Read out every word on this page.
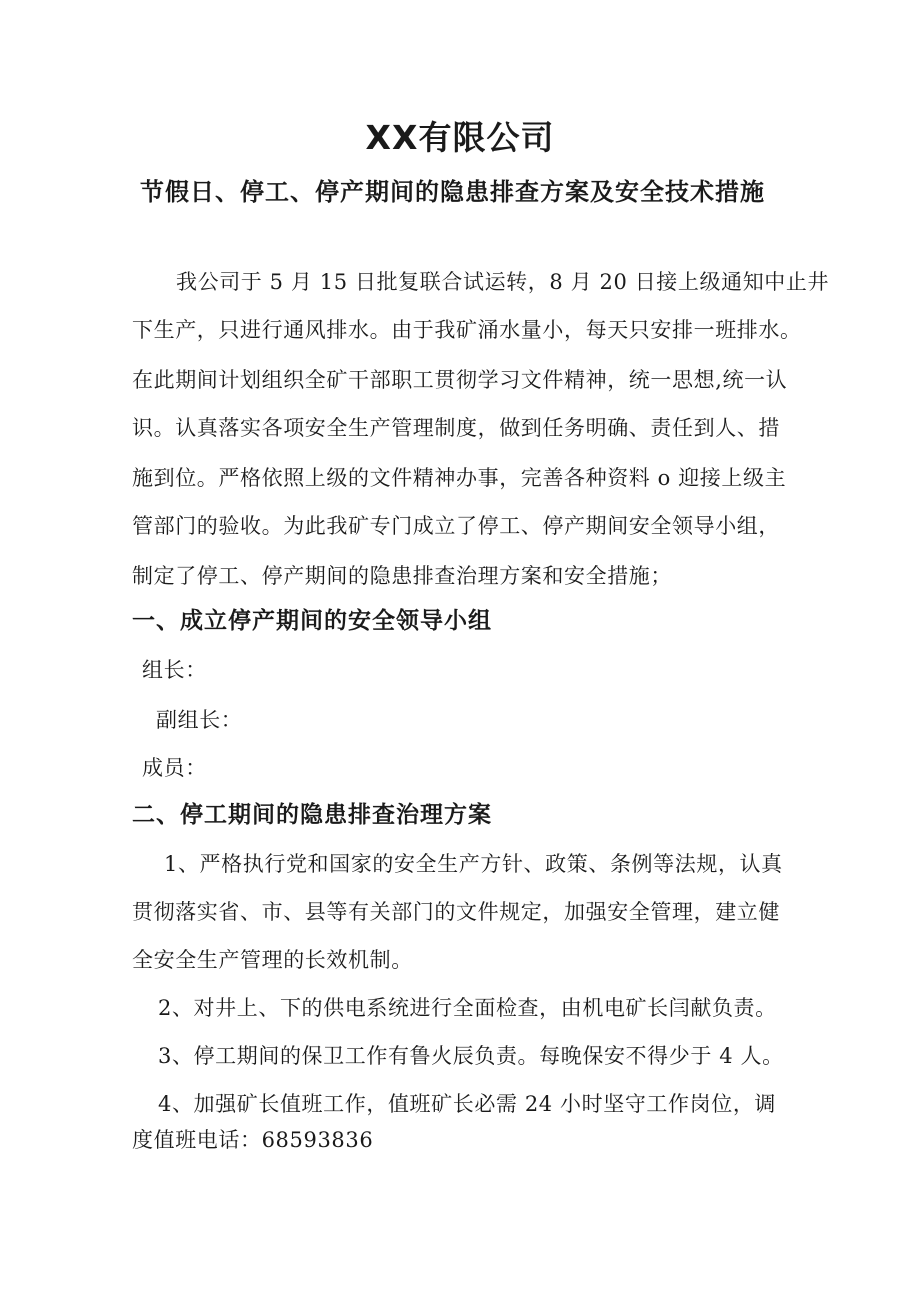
XX有限公司
节假日、停工、停产期间的隐患排查方案及安全技术措施

我公司于 5 月 15 日批复联合试运转，8 月 20 日接上级通知中止井

下生产，只进行通风排水。由于我矿涌水量小，每天只安排一班排水。

在此期间计划组织全矿干部职工贯彻学习文件精神，统一思想,统一认

识。认真落实各项安全生产管理制度，做到任务明确、责任到人、措

施到位。严格依照上级的文件精神办事，完善各种资料 o 迎接上级主

管部门的验收。为此我矿专门成立了停工、停产期间安全领导小组，

制定了停工、停产期间的隐患排查治理方案和安全措施；

一、成立停产期间的安全领导小组

组长：

副组长：

成员：

二、停工期间的隐患排查治理方案

1、严格执行党和国家的安全生产方针、政策、条例等法规，认真

贯彻落实省、市、县等有关部门的文件规定，加强安全管理，建立健

全安全生产管理的长效机制。

2、对井上、下的供电系统进行全面检查，由机电矿长闫献负责。

3、停工期间的保卫工作有鲁火辰负责。每晚保安不得少于 4 人。

4、加强矿长值班工作，值班矿长必需 24 小时坚守工作岗位，调

度值班电话：68593836
